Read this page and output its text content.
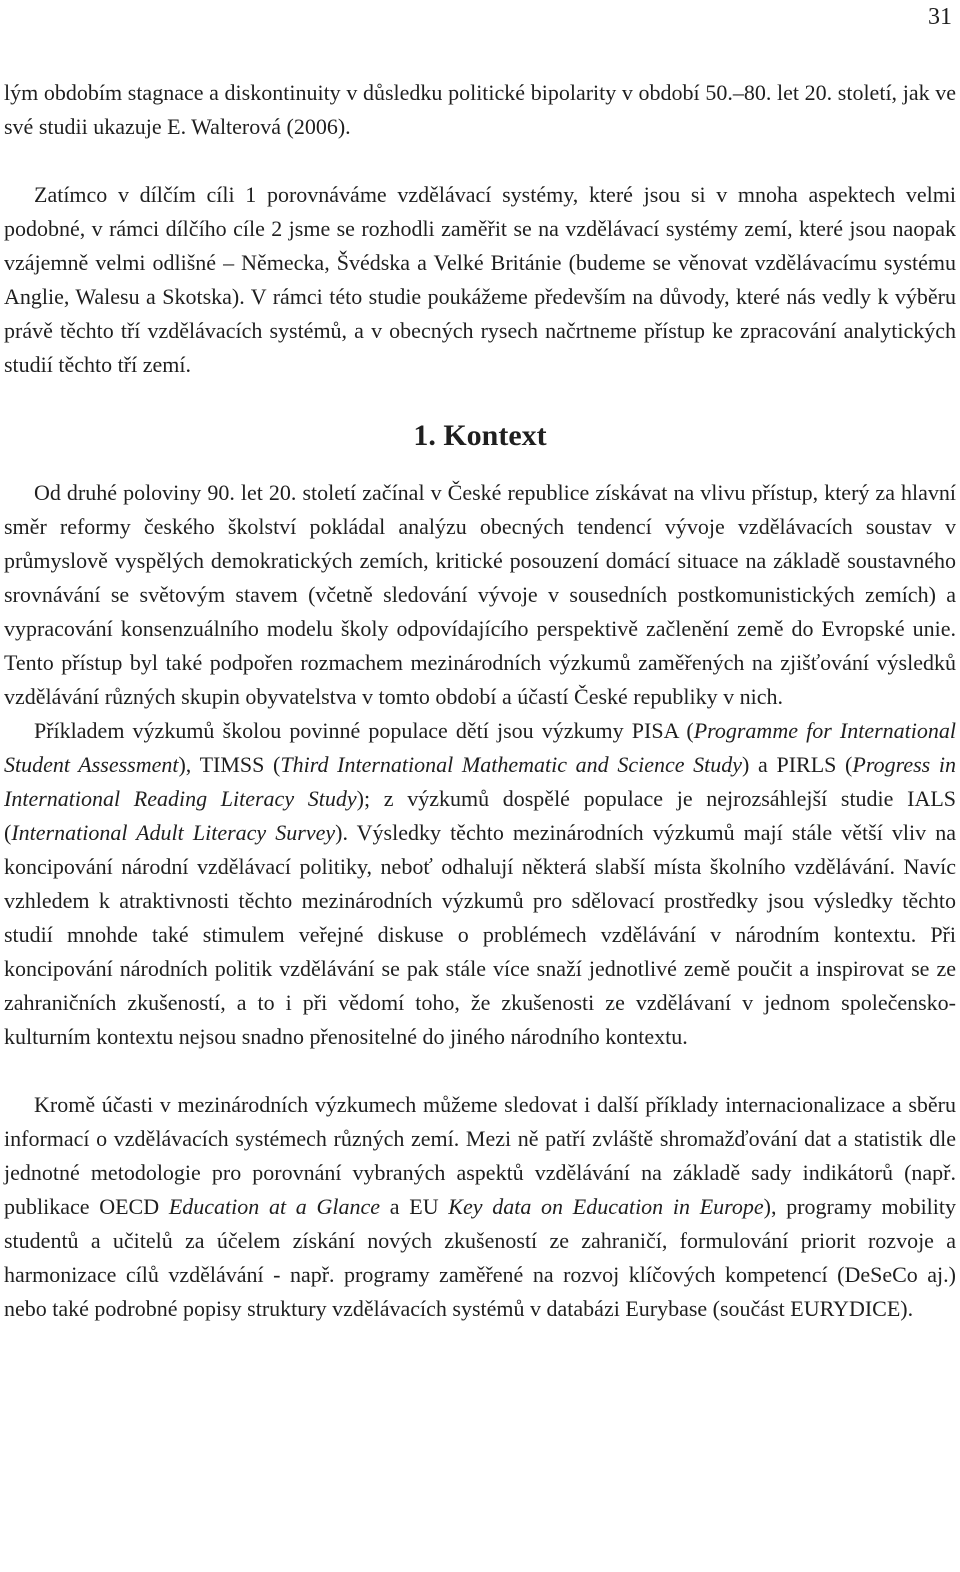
31

lým obdobím stagnace a diskontinuity v důsledku politické bipolarity v období 50.–80. let 20. století, jak ve své studii ukazuje E. Walterová (2006).

Zatímco v dílčím cíli 1 porovnáváme vzdělávací systémy, které jsou si v mnoha aspektech velmi podobné, v rámci dílčího cíle 2 jsme se rozhodli zaměřit se na vzdělávací systémy zemí, které jsou naopak vzájemně velmi odlišné – Německa, Švédska a Velké Británie (budeme se věnovat vzdělávacímu systému Anglie, Walesu a Skotska). V rámci této studie poukážeme především na důvody, které nás vedly k výběru právě těchto tří vzdělávacích systémů, a v obecných rysech načrtneme přístup ke zpracování analytických studií těchto tří zemí.

1. Kontext

Od druhé poloviny 90. let 20. století začínal v České republice získávat na vlivu přístup, který za hlavní směr reformy českého školství pokládal analýzu obecných tendencí vývoje vzdělávacích soustav v průmyslově vyspělých demokratických zemích, kritické posouzení domácí situace na základě soustavného srovnávání se světovým stavem (včetně sledování vývoje v sousedních postkomunistických zemích) a vypracování konsenzuálního modelu školy odpovídajícího perspektivě začlenění země do Evropské unie. Tento přístup byl také podpořen rozmachem mezinárodních výzkumů zaměřených na zjišťování výsledků vzdělávání různých skupin obyvatelstva v tomto období a účastí České republiky v nich.

Příkladem výzkumů školou povinné populace dětí jsou výzkumy PISA (Programme for International Student Assessment), TIMSS (Third International Mathematic and Science Study) a PIRLS (Progress in International Reading Literacy Study); z výzkumů dospělé populace je nejrozsáhlejší studie IALS (International Adult Literacy Survey). Výsledky těchto mezinárodních výzkumů mají stále větší vliv na koncipování národní vzdělávací politiky, neboť odhalují některá slabší místa školního vzdělávání. Navíc vzhledem k atraktivnosti těchto mezinárodních výzkumů pro sdělovací prostředky jsou výsledky těchto studií mnohde také stimulem veřejné diskuse o problémech vzdělávání v národním kontextu. Při koncipování národních politik vzdělávání se pak stále více snaží jednotlivé země poučit a inspirovat se ze zahraničních zkušeností, a to i při vědomí toho, že zkušenosti ze vzdělávaní v jednom společensko-kulturním kontextu nejsou snadno přenositelné do jiného národního kontextu.

Kromě účasti v mezinárodních výzkumech můžeme sledovat i další příklady internacionalizace a sběru informací o vzdělávacích systémech různých zemí. Mezi ně patří zvláště shromažďování dat a statistik dle jednotné metodologie pro porovnání vybraných aspektů vzdělávání na základě sady indikátorů (např. publikace OECD Education at a Glance a EU Key data on Education in Europe), programy mobility studentů a učitelů za účelem získání nových zkušeností ze zahraničí, formulování priorit rozvoje a harmonizace cílů vzdělávání - např. programy zaměřené na rozvoj klíčových kompetencí (DeSeCo aj.) nebo také podrobné popisy struktury vzdělávacích systémů v databázi Eurybase (součást EURYDICE).
